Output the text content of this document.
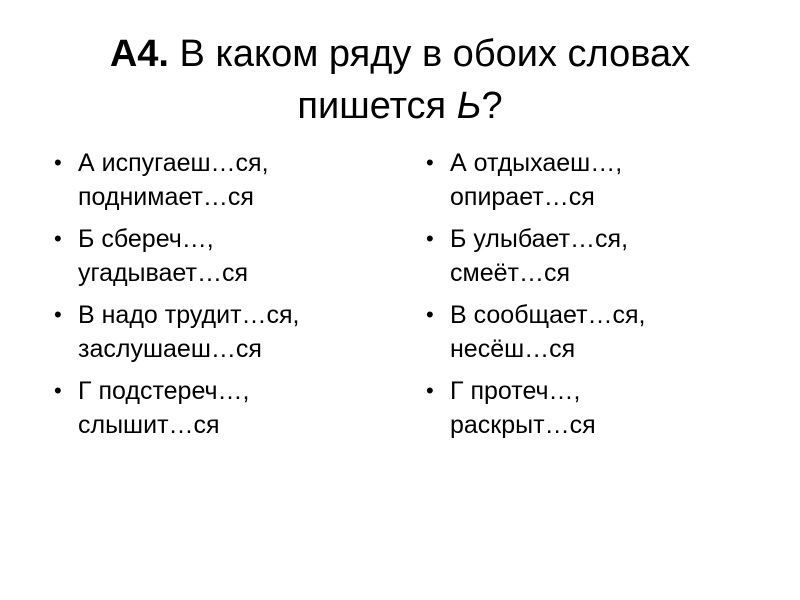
А4. В каком ряду в обоих словах
пишется Ь?
• А испугаеш…ся,
поднимает…ся
• Б сбереч…,
угадывает…ся
• В надо трудит…ся,
заслушаеш…ся
• Г подстереч…,
слышит…ся
• А отдыхаеш…,
опирает…ся
• Б улыбает…ся,
смеёт…ся
• В сообщает…ся,
несёш…ся
• Г протеч…,
раскрыт…ся
